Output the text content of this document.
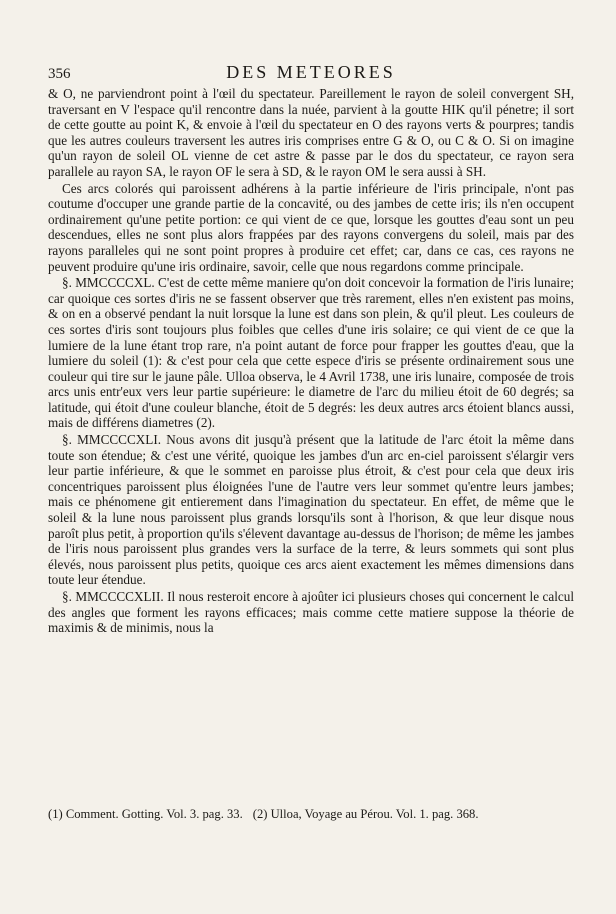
356	DES METEORES

& O, ne parviendront point à l'œil du spectateur. Pareillement le rayon de soleil convergent SH, traversant en V l'espace qu'il rencontre dans la nuée, parvient à la goutte HIK qu'il pénetre; il sort de cette goutte au point K, & envoie à l'œil du spectateur en O des rayons verts & pourpres; tandis que les autres couleurs traversent les autres iris comprises entre G & O, ou C & O. Si on imagine qu'un rayon de soleil OL vienne de cet astre & passe par le dos du spectateur, ce rayon sera parallele au rayon SA, le rayon OF le sera à SD, & le rayon OM le sera aussi à SH.

Ces arcs colorés qui paroissent adhérens à la partie inférieure de l'iris principale, n'ont pas coutume d'occuper une grande partie de la concavité, ou des jambes de cette iris; ils n'en occupent ordinairement qu'une petite portion: ce qui vient de ce que, lorsque les gouttes d'eau sont un peu descendues, elles ne sont plus alors frappées par des rayons convergens du soleil, mais par des rayons paralleles qui ne sont point propres à produire cet effet; car, dans ce cas, ces rayons ne peuvent produire qu'une iris ordinaire, savoir, celle que nous regardons comme principale.

§. MMCCCCXL. C'est de cette même maniere qu'on doit concevoir la formation de l'iris lunaire; car quoique ces sortes d'iris ne se fassent observer que très rarement, elles n'en existent pas moins, & on en a observé pendant la nuit lorsque la lune est dans son plein, & qu'il pleut. Les couleurs de ces sortes d'iris sont toujours plus foibles que celles d'une iris solaire; ce qui vient de ce que la lumiere de la lune étant trop rare, n'a point autant de force pour frapper les gouttes d'eau, que la lumiere du soleil (1): & c'est pour cela que cette espece d'iris se présente ordinairement sous une couleur qui tire sur le jaune pâle. Ulloa observa, le 4 Avril 1738, une iris lunaire, composée de trois arcs unis entr'eux vers leur partie supérieure: le diametre de l'arc du milieu étoit de 60 degrés; sa latitude, qui étoit d'une couleur blanche, étoit de 5 degrés: les deux autres arcs étoient blancs aussi, mais de différens diametres (2).

§. MMCCCCXLI. Nous avons dit jusqu'à présent que la latitude de l'arc étoit la même dans toute son étendue; & c'est une vérité, quoique les jambes d'un arc en-ciel paroissent s'élargir vers leur partie inférieure, & que le sommet en paroisse plus étroit, & c'est pour cela que deux iris concentriques paroissent plus éloignées l'une de l'autre vers leur sommet qu'entre leurs jambes; mais ce phénomene git entierement dans l'imagination du spectateur. En effet, de même que le soleil & la lune nous paroissent plus grands lorsqu'ils sont à l'horison, & que leur disque nous paroît plus petit, à proportion qu'ils s'élevent davantage au-dessus de l'horison; de même les jambes de l'iris nous paroissent plus grandes vers la surface de la terre, & leurs sommets qui sont plus élevés, nous paroissent plus petits, quoique ces arcs aient exactement les mêmes dimensions dans toute leur étendue.

§. MMCCCCXLII. Il nous resteroit encore à ajoûter ici plusieurs choses qui concernent le calcul des angles que forment les rayons efficaces; mais comme cette matiere suppose la théorie de maximis & de minimis, nous la

(1) Comment. Gotting. Vol. 3. pag. 33. (2) Ulloa, Voyage au Pérou. Vol. 1. pag. 368.
